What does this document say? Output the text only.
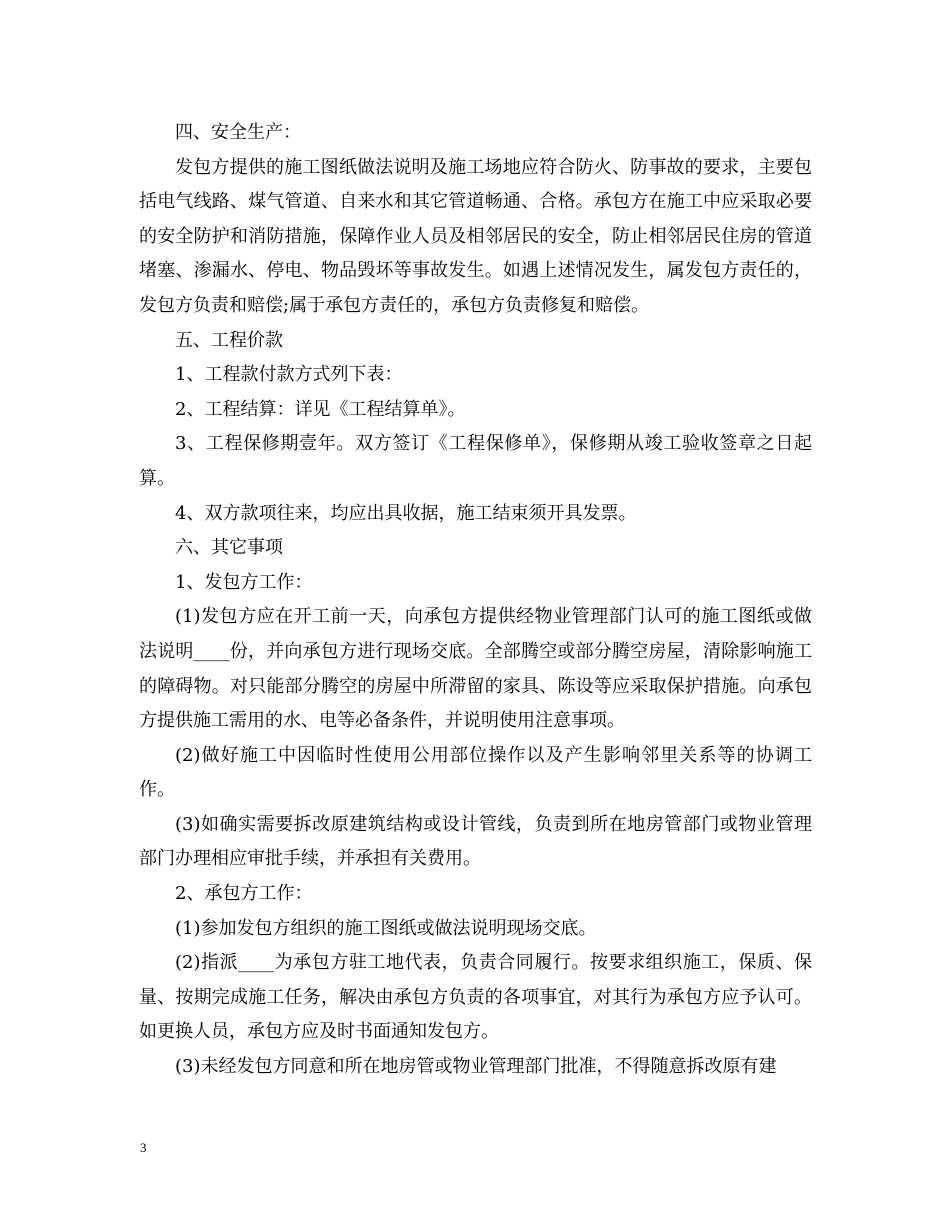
四、安全生产：

发包方提供的施工图纸做法说明及施工场地应符合防火、防事故的要求，主要包括电气线路、煤气管道、自来水和其它管道畅通、合格。承包方在施工中应采取必要的安全防护和消防措施，保障作业人员及相邻居民的安全，防止相邻居民住房的管道堵塞、渗漏水、停电、物品毁坏等事故发生。如遇上述情况发生，属发包方责任的，发包方负责和赔偿;属于承包方责任的，承包方负责修复和赔偿。

五、工程价款

1、工程款付款方式列下表：

2、工程结算：详见《工程结算单》。

3、工程保修期壹年。双方签订《工程保修单》，保修期从竣工验收签章之日起算。

4、双方款项往来，均应出具收据，施工结束须开具发票。

六、其它事项

1、发包方工作：

(1)发包方应在开工前一天，向承包方提供经物业管理部门认可的施工图纸或做法说明____份，并向承包方进行现场交底。全部腾空或部分腾空房屋，清除影响施工的障碍物。对只能部分腾空的房屋中所滞留的家具、陈设等应采取保护措施。向承包方提供施工需用的水、电等必备条件，并说明使用注意事项。

(2)做好施工中因临时性使用公用部位操作以及产生影响邻里关系等的协调工作。

(3)如确实需要拆改原建筑结构或设计管线，负责到所在地房管部门或物业管理部门办理相应审批手续，并承担有关费用。

2、承包方工作：

(1)参加发包方组织的施工图纸或做法说明现场交底。

(2)指派____为承包方驻工地代表，负责合同履行。按要求组织施工，保质、保量、按期完成施工任务，解决由承包方负责的各项事宜，对其行为承包方应予认可。如更换人员，承包方应及时书面通知发包方。

(3)未经发包方同意和所在地房管或物业管理部门批准，不得随意拆改原有建

3
